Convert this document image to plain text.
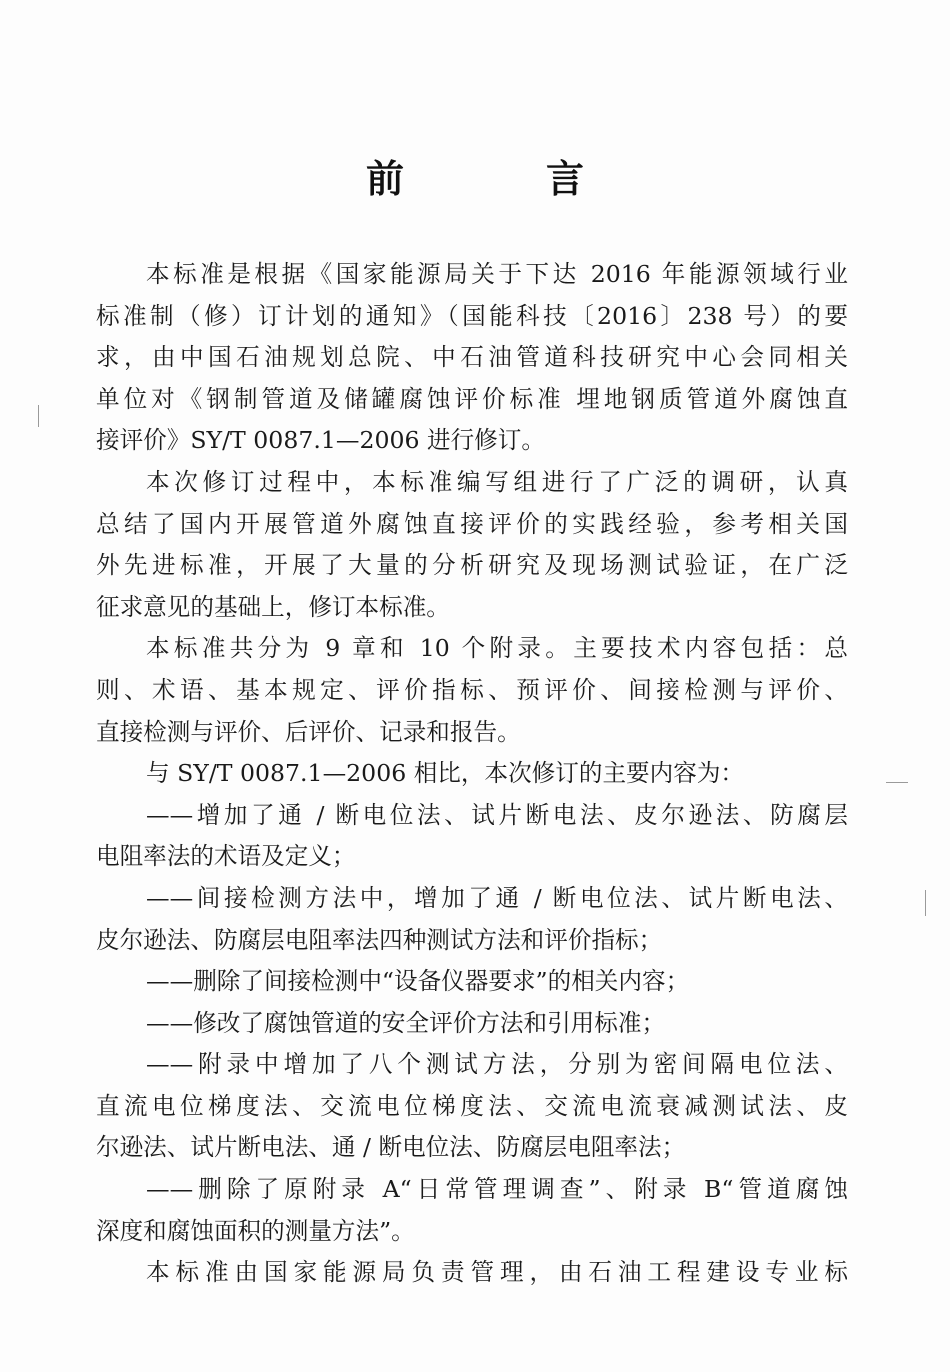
前　言
本标准是根据《国家能源局关于下达 2016 年能源领域行业
标准制（修）订计划的通知》（国能科技〔2016〕238 号）的要
求，由中国石油规划总院、中石油管道科技研究中心会同相关
单位对《钢制管道及储罐腐蚀评价标准 埋地钢质管道外腐蚀直
接评价》SY/T 0087.1—2006 进行修订。
本次修订过程中，本标准编写组进行了广泛的调研，认真
总结了国内开展管道外腐蚀直接评价的实践经验，参考相关国
外先进标准，开展了大量的分析研究及现场测试验证，在广泛
征求意见的基础上，修订本标准。
本标准共分为 9 章和 10 个附录。主要技术内容包括：总
则、术语、基本规定、评价指标、预评价、间接检测与评价、
直接检测与评价、后评价、记录和报告。
与 SY/T 0087.1—2006 相比，本次修订的主要内容为：
——增加了通 / 断电位法、试片断电法、皮尔逊法、防腐层
电阻率法的术语及定义；
——间接检测方法中，增加了通 / 断电位法、试片断电法、
皮尔逊法、防腐层电阻率法四种测试方法和评价指标；
——删除了间接检测中“设备仪器要求”的相关内容；
——修改了腐蚀管道的安全评价方法和引用标准；
——附录中增加了八个测试方法，分别为密间隔电位法、
直流电位梯度法、交流电位梯度法、交流电流衰减测试法、皮
尔逊法、试片断电法、通 / 断电位法、防腐层电阻率法；
——删除了原附录 A“日常管理调查”、附录 B“管道腐蚀
深度和腐蚀面积的测量方法”。
本标准由国家能源局负责管理，由石油工程建设专业标
